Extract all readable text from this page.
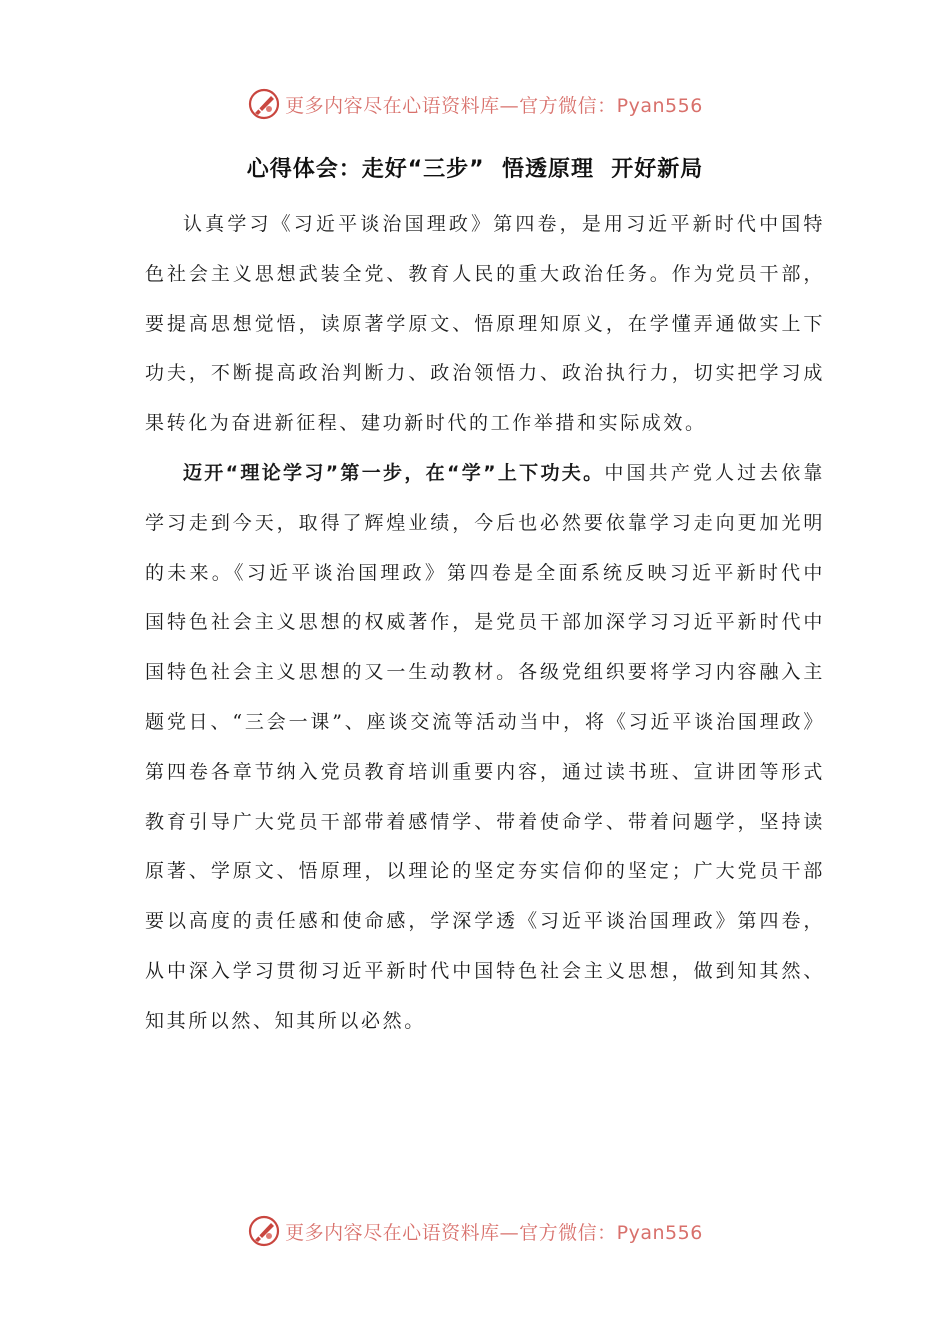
更多内容尽在心语资料库—官方微信：Pyan556
心得体会：走好“三步”  悟透原理  开好新局

认真学习《习近平谈治国理政》第四卷，是用习近平新时代中国特色社会主义思想武装全党、教育人民的重大政治任务。作为党员干部，要提高思想觉悟，读原著学原文、悟原理知原义，在学懂弄通做实上下功夫，不断提高政治判断力、政治领悟力、政治执行力，切实把学习成果转化为奋进新征程、建功新时代的工作举措和实际成效。

迈开“理论学习”第一步，在“学”上下功夫。中国共产党人过去依靠学习走到今天，取得了辉煌业绩，今后也必然要依靠学习走向更加光明的未来。《习近平谈治国理政》第四卷是全面系统反映习近平新时代中国特色社会主义思想的权威著作，是党员干部加深学习习近平新时代中国特色社会主义思想的又一生动教材。各级党组织要将学习内容融入主题党日、“三会一课”、座谈交流等活动当中，将《习近平谈治国理政》第四卷各章节纳入党员教育培训重要内容，通过读书班、宣讲团等形式教育引导广大党员干部带着感情学、带着使命学、带着问题学，坚持读原著、学原文、悟原理，以理论的坚定夯实信仰的坚定；广大党员干部要以高度的责任感和使命感，学深学透《习近平谈治国理政》第四卷，从中深入学习贯彻习近平新时代中国特色社会主义思想，做到知其然、知其所以然、知其所以必然。

更多内容尽在心语资料库—官方微信：Pyan556
